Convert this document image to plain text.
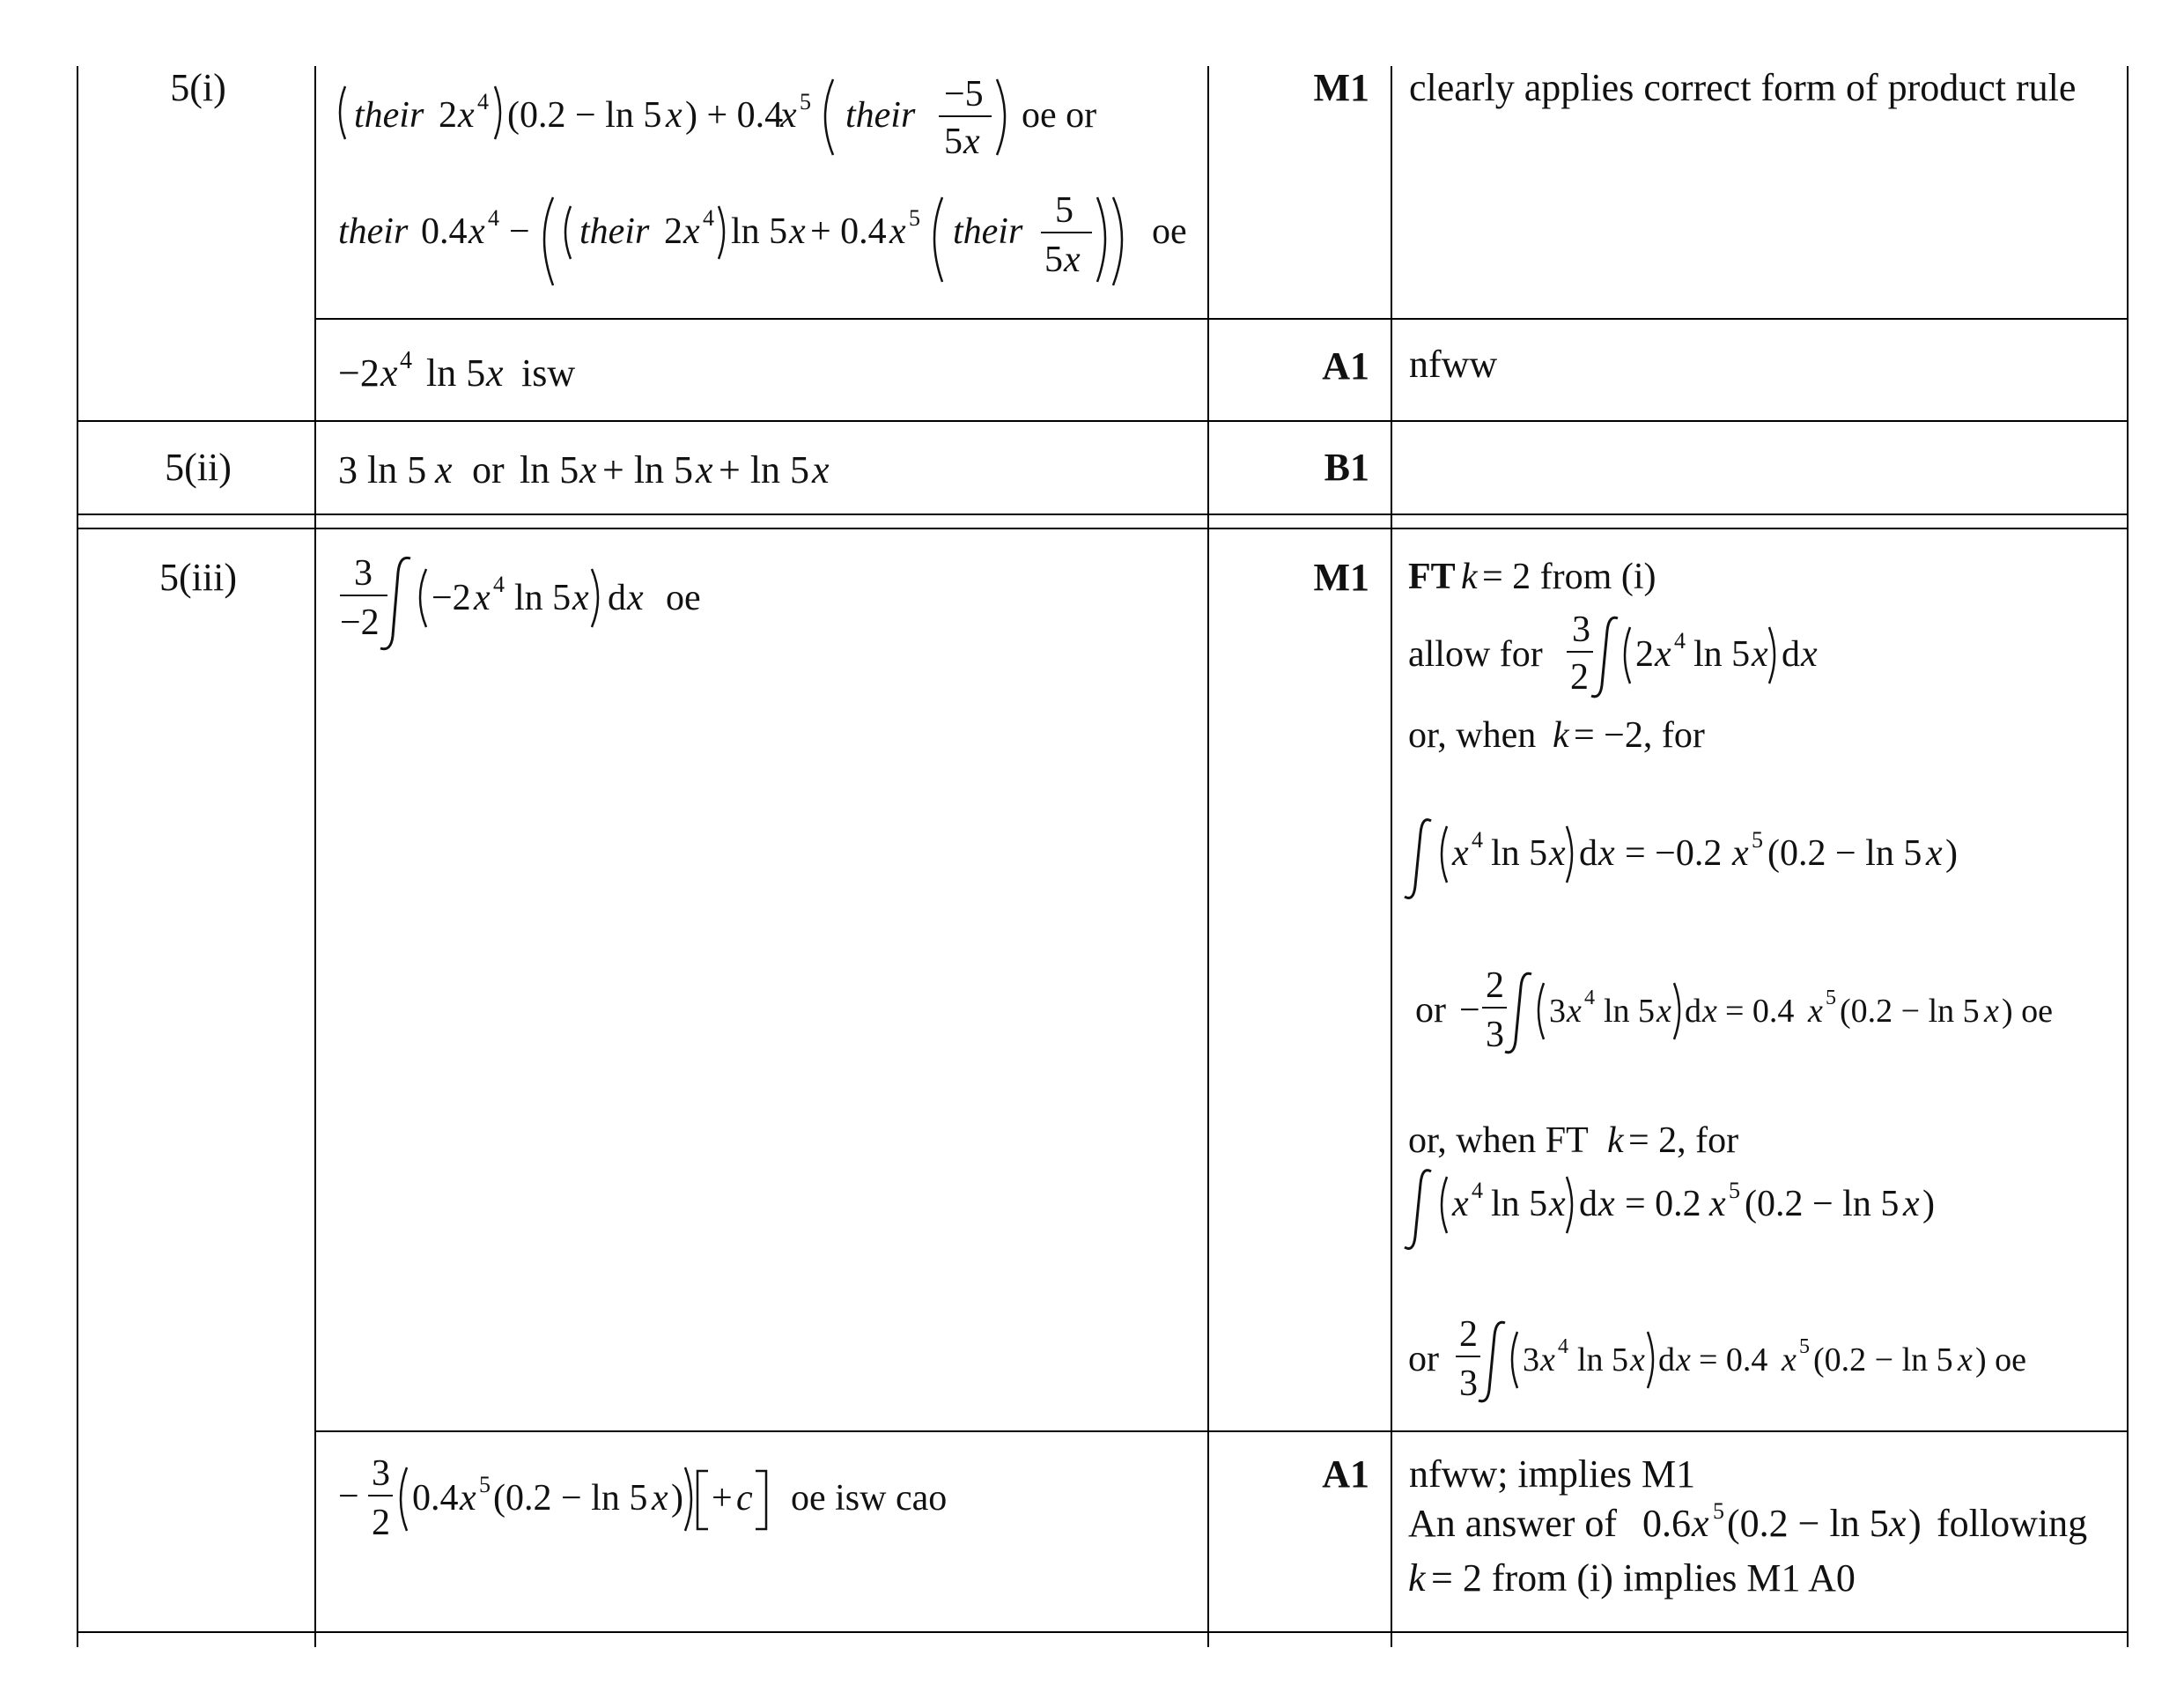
5(i)
5(ii)
5(iii)
M1
A1
B1
M1
A1
clearly applies correct form of product rule
nfww
their 2 x 4 (0.2 − ln 5 x ) + 0.4
x 5 their
−5
5 x
oe or
their 0.4 x 4 − their 2 x 4 ln 5 x + 0.4 x 5 their
5
5 x
oe
−2 x 4 ln 5 x isw
3 ln 5 x or ln 5 x + ln 5 x + ln 5 x
3
−2
−2 x 4 ln 5 x d x oe
FT k = 2 from (i)
allow for
3
2
2 x 4 ln 5 x d x
or, when k = −2, for
x 4 ln 5 x d x = −0.2 x 5 (0.2 − ln 5 x )
or −
2
3
3 x 4 ln 5 x d x = 0.4 x 5 (0.2 − ln 5 x ) oe
or, when FT k = 2, for
x 4 ln 5 x d x = 0.2 x 5 (0.2 − ln 5 x )
or
2
3
3 x 4 ln 5 x d x = 0.4 x 5 (0.2 − ln 5 x ) oe
−
3
2
0.4 x 5 (0.2 − ln 5 x ) + c oe isw cao
nfww; implies M1
An answer of 0.6 x 5 (0.2 − ln 5 x ) following
k = 2 from (i) implies M1 A0
